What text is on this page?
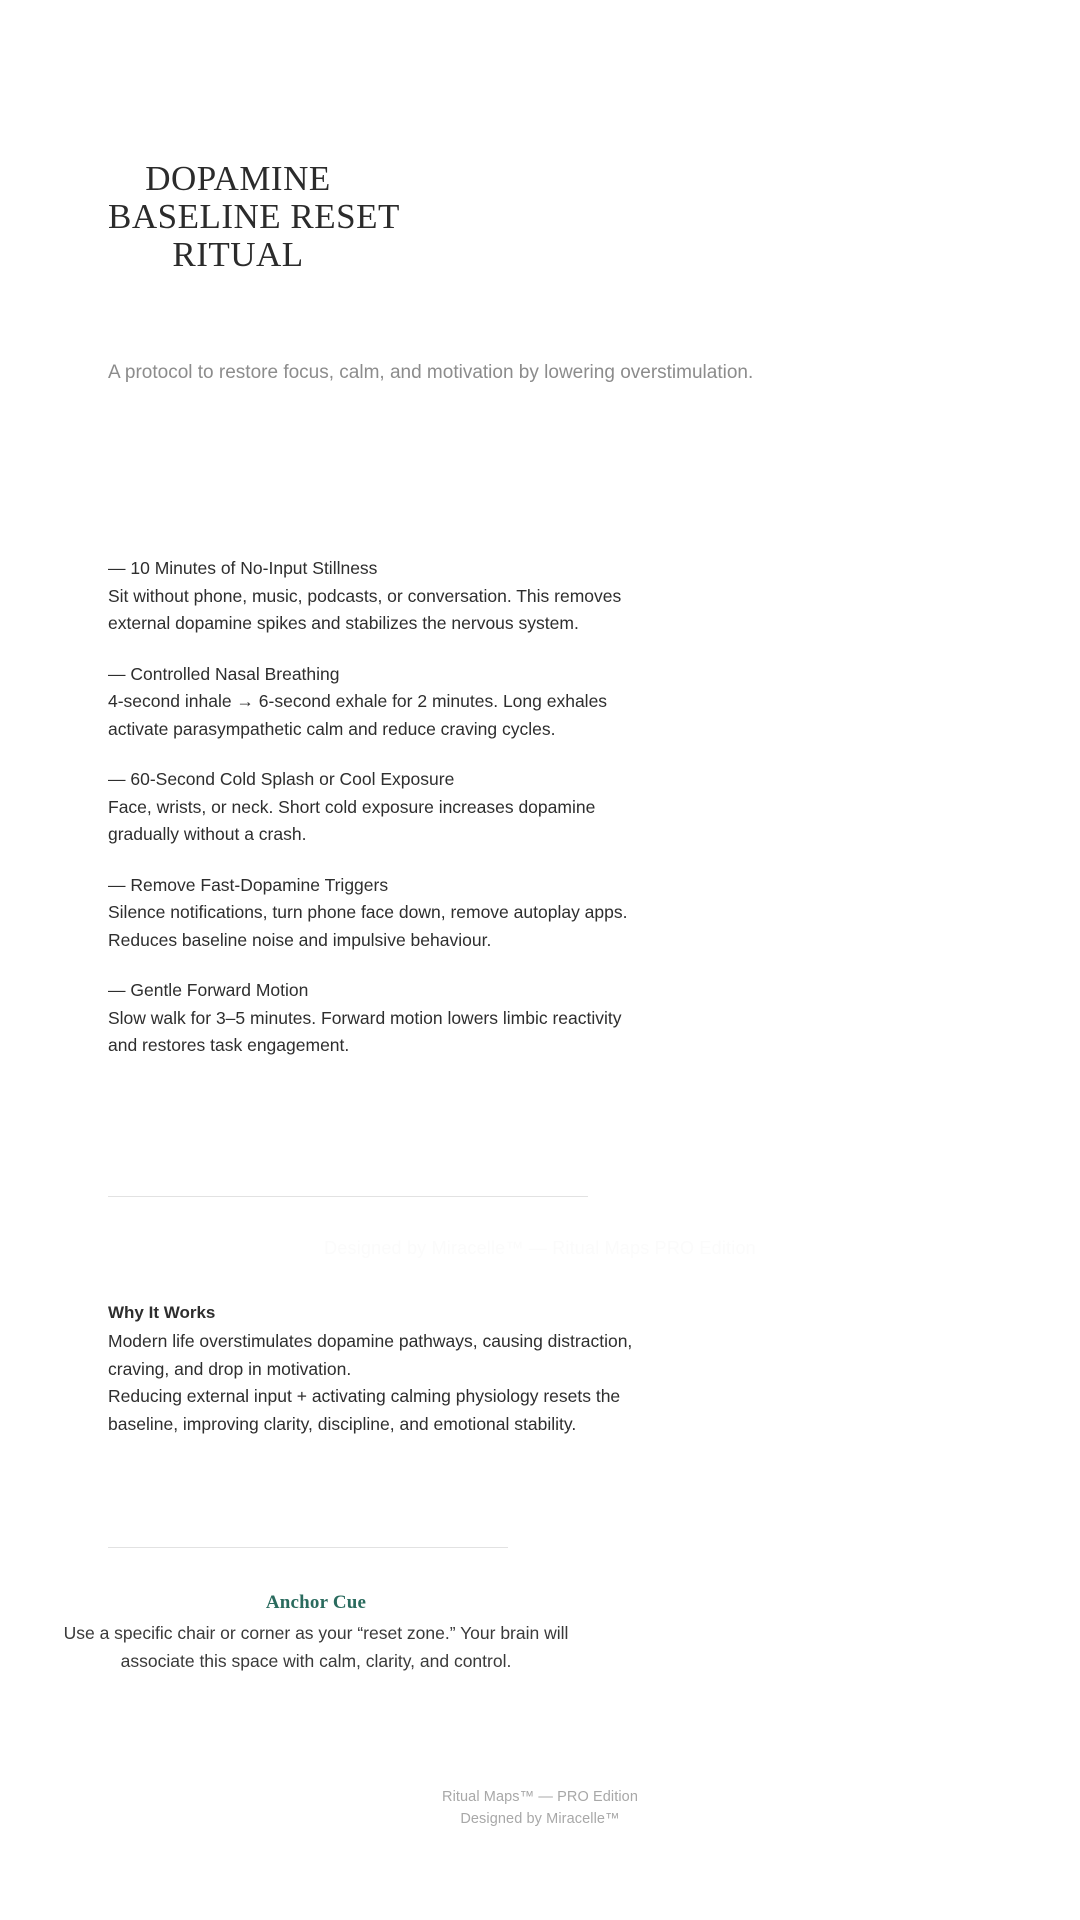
DOPAMINE
BASELINE RESET
RITUAL
A protocol to restore focus, calm, and motivation by lowering overstimulation.
— 10 Minutes of No-Input Stillness
Sit without phone, music, podcasts, or conversation. This removes external dopamine spikes and stabilizes the nervous system.
— Controlled Nasal Breathing
4-second inhale → 6-second exhale for 2 minutes. Long exhales activate parasympathetic calm and reduce craving cycles.
— 60-Second Cold Splash or Cool Exposure
Face, wrists, or neck. Short cold exposure increases dopamine gradually without a crash.
— Remove Fast-Dopamine Triggers
Silence notifications, turn phone face down, remove autoplay apps. Reduces baseline noise and impulsive behaviour.
— Gentle Forward Motion
Slow walk for 3–5 minutes. Forward motion lowers limbic reactivity and restores task engagement.
Designed by Miracelle™ — Ritual Maps PRO Edition
Why It Works
Modern life overstimulates dopamine pathways, causing distraction, craving, and drop in motivation.
Reducing external input + activating calming physiology resets the baseline, improving clarity, discipline, and emotional stability.
Anchor Cue
Use a specific chair or corner as your “reset zone.” Your brain will associate this space with calm, clarity, and control.
Ritual Maps™ — PRO Edition
Designed by Miracelle™
